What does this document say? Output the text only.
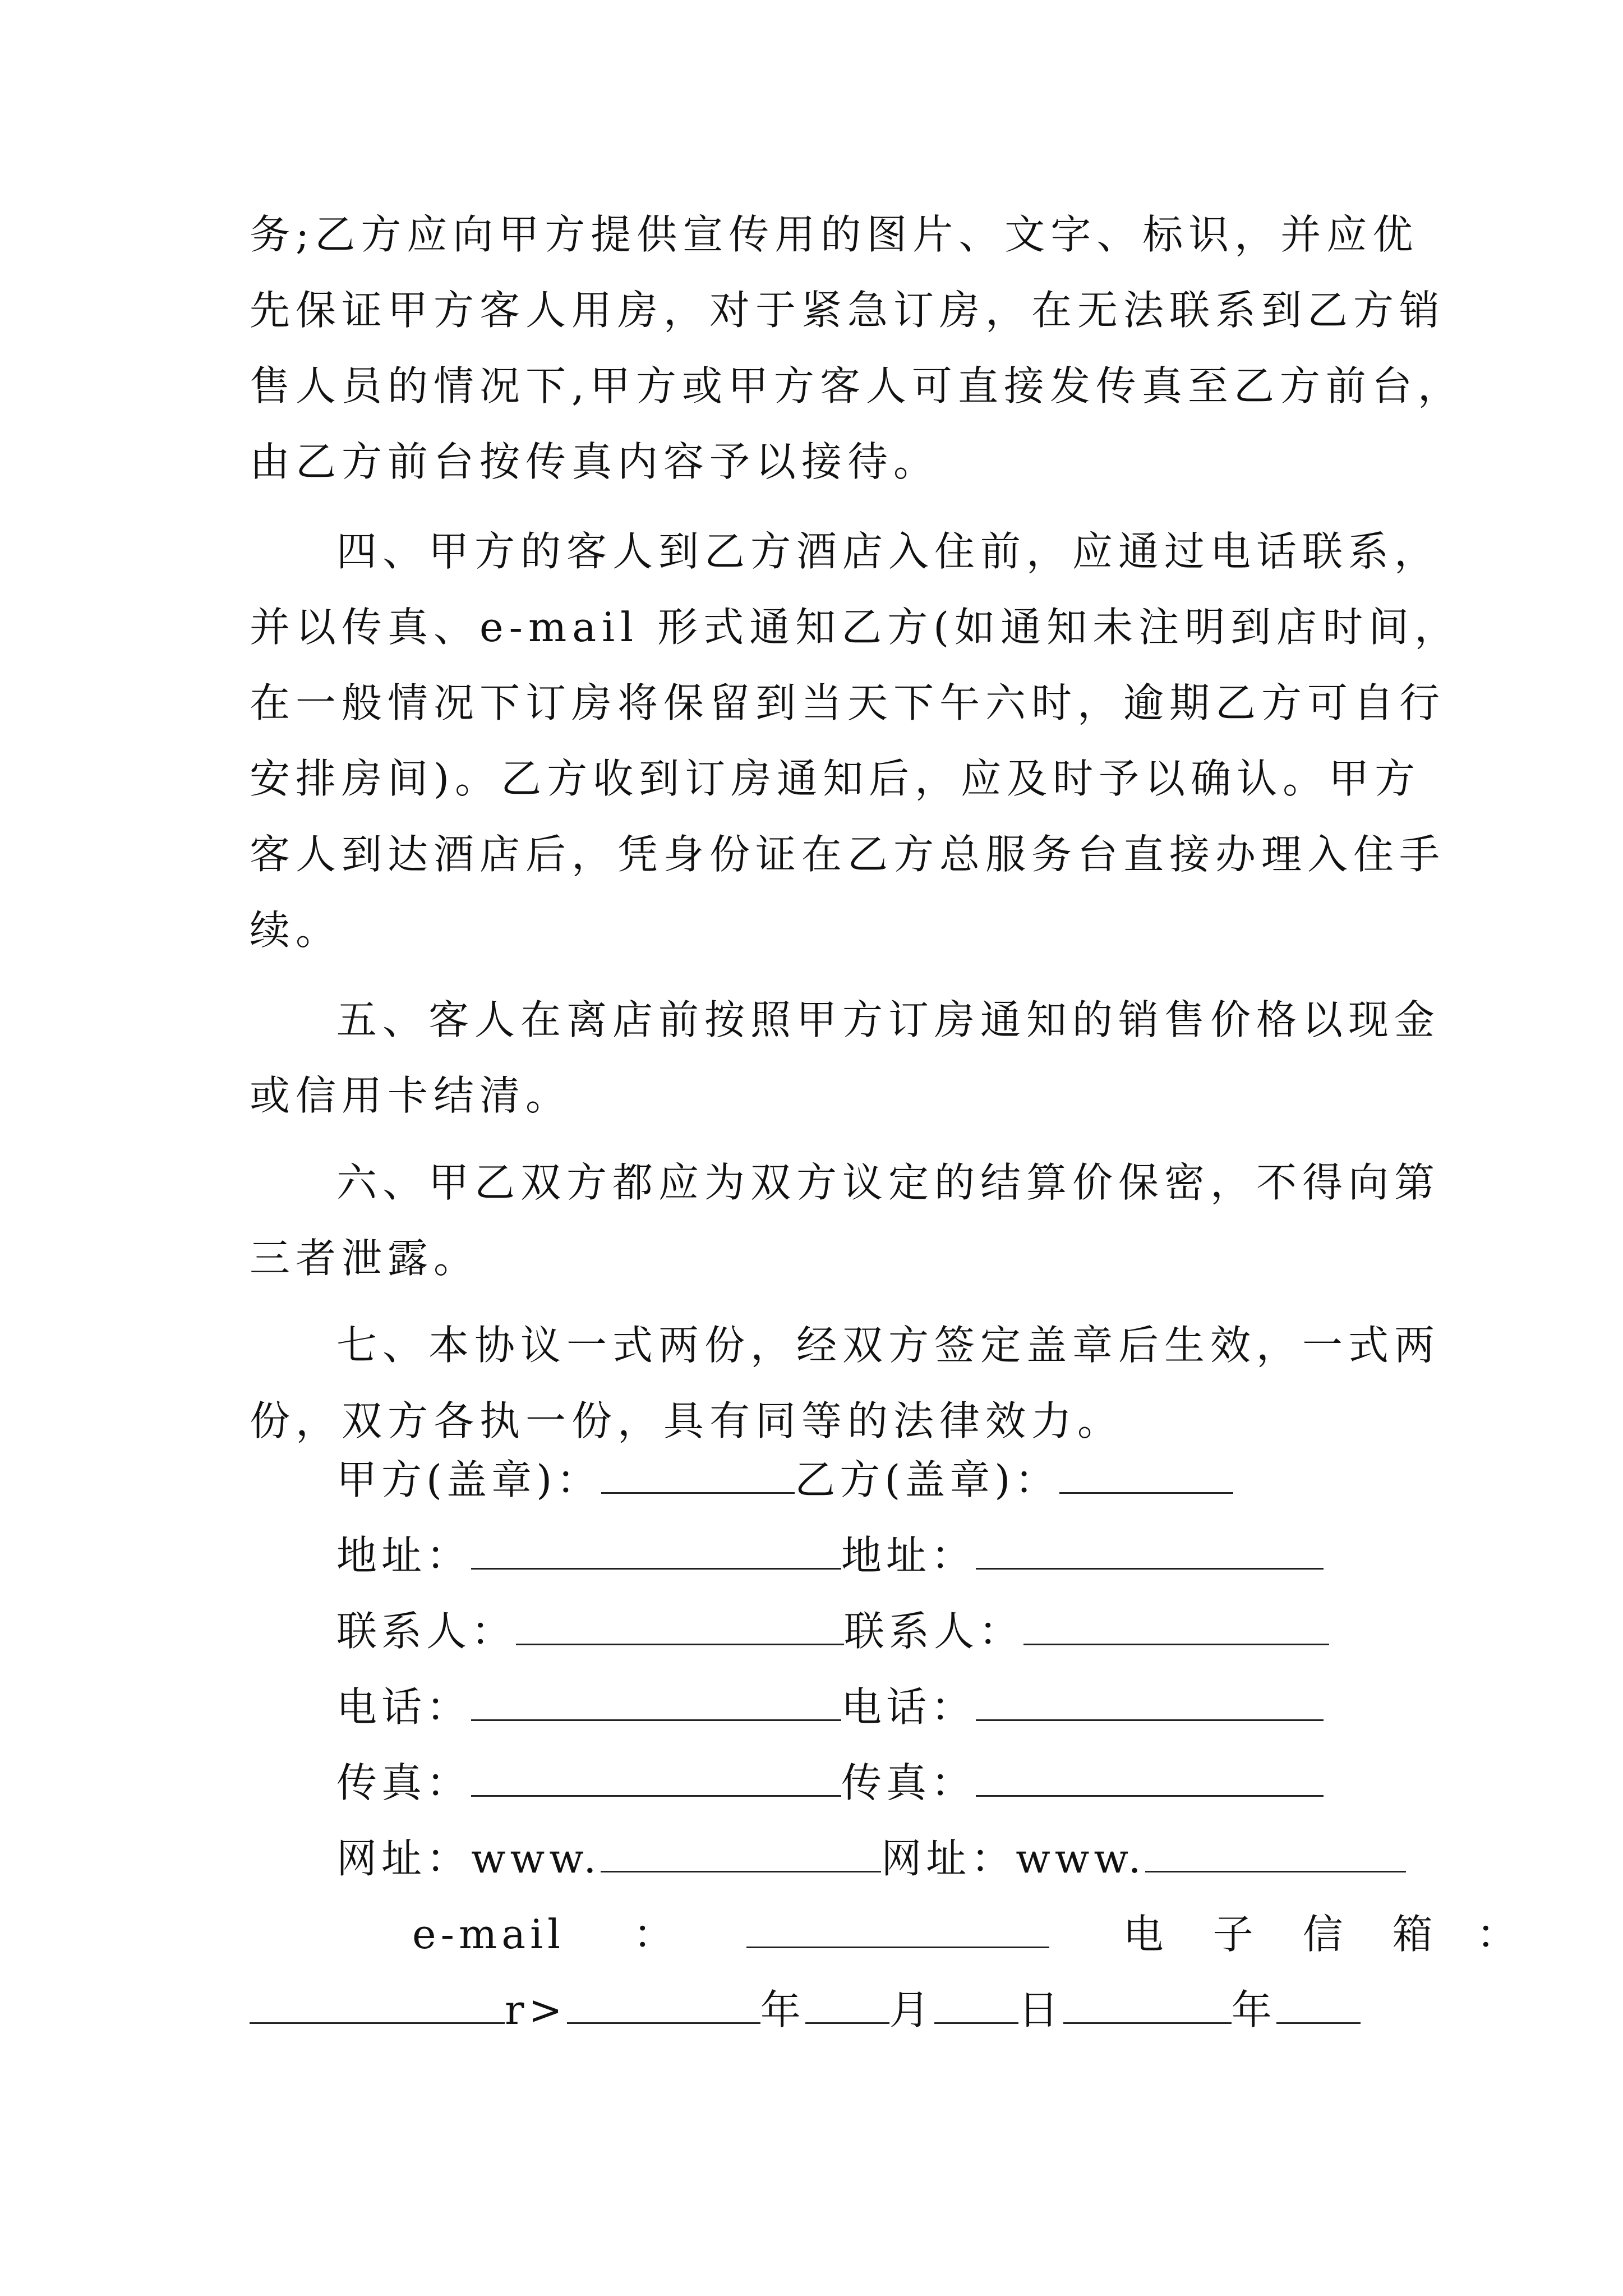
务;乙方应向甲方提供宣传用的图片、文字、标识，并应优
先保证甲方客人用房，对于紧急订房，在无法联系到乙方销
售人员的情况下,甲方或甲方客人可直接发传真至乙方前台，
由乙方前台按传真内容予以接待。
四、甲方的客人到乙方酒店入住前，应通过电话联系，
并以传真、e-mail 形式通知乙方(如通知未注明到店时间，
在一般情况下订房将保留到当天下午六时，逾期乙方可自行
安排房间)。乙方收到订房通知后，应及时予以确认。甲方
客人到达酒店后，凭身份证在乙方总服务台直接办理入住手
续。
五、客人在离店前按照甲方订房通知的销售价格以现金
或信用卡结清。
六、甲乙双方都应为双方议定的结算价保密，不得向第
三者泄露。
七、本协议一式两份，经双方签定盖章后生效，一式两
份，双方各执一份，具有同等的法律效力。
甲方(盖章)：	乙方(盖章)：
地址：	地址：
联系人：	联系人：
电话：	电话：
传真：	传真：
网址：www.	网址：www.
e-mail ：	电 子 信 箱 ：
r>	年 月 日	年
